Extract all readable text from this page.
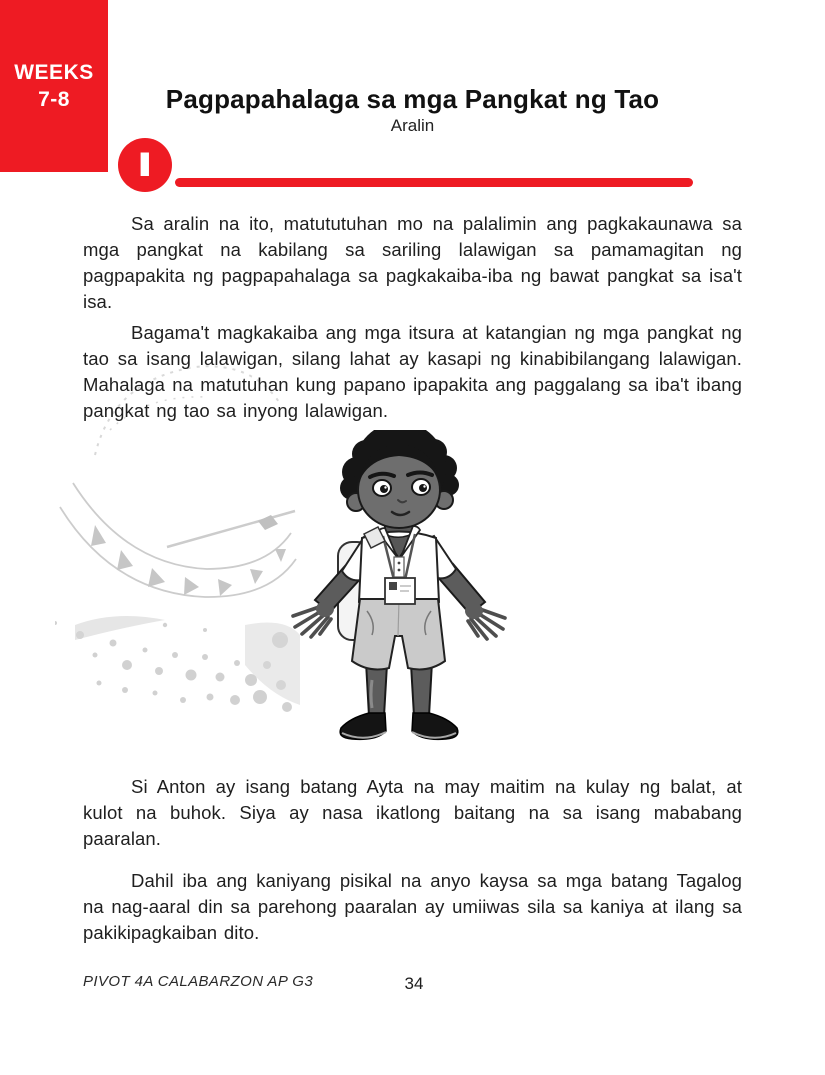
WEEKS
7-8	Pagpapahalaga sa mga Pangkat ng Tao
Aralin
I

Sa aralin na ito, matututuhan mo na palalimin ang pagkakaunawa sa mga pangkat na kabilang sa sariling lalawigan sa pamamagitan ng pagpapakita ng pagpapahalaga sa pagkakaiba-iba ng bawat pangkat sa isa't isa.

Bagama't magkakaiba ang mga itsura at katangian ng mga pangkat ng tao sa isang lalawigan, silang lahat ay kasapi ng kinabibilangang lalawigan. Mahalaga na matutuhan kung papano ipapakita ang paggalang sa iba't ibang pangkat ng tao sa inyong lalawigan.

Si Anton ay isang batang Ayta na may maitim na kulay ng balat, at kulot na buhok. Siya ay nasa ikatlong baitang na sa isang mababang paaralan.

Dahil iba ang kaniyang pisikal na anyo kaysa sa mga batang Tagalog na nag-aaral din sa parehong paaralan ay umiiwas sila sa kaniya at ilang sa pakikipagkaiban dito.

PIVOT 4A CALABARZON AP G3	34
